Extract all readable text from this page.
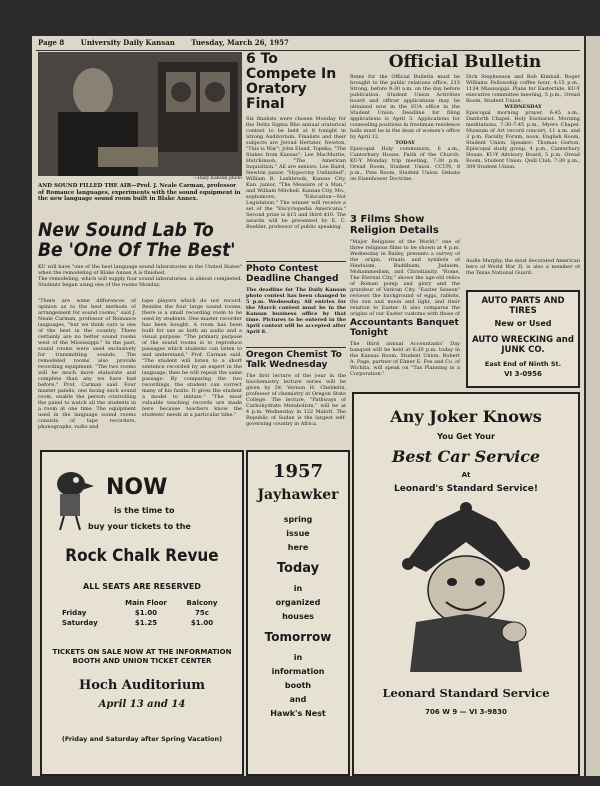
Page 8 University Daily Kansan Tuesday, March 26, 1957
—Daily Kansan photo
AND SOUND FILLED THE AIR—Prof. J. Neale Carman, professor of Romance languages, experiments with the sound equipment in the new language sound room built in Blake Annex.
New Sound Lab To Be 'One Of The Best'
KU will have "one of the best language sound laboratories in the United States" when the remodeling of Blake Annex A is finished.
The remodeling, which will supply four sound laboratories, is almost completed. Students began using one of the rooms Monday.
"There are some differences of opinion as to the best methods of arrangement for sound rooms," said J. Neale Carman, professor of Romance languages, "but we think ours is one of the best in the country. There certainly are no better sound rooms west of the Mississippi." In the past, sound rooms were used exclusively for transmitting sounds. The remodeled rooms also provide recording equipment. "The two rooms will be much more elaborate and complete than any we have had before," Prof. Carman said. Four master panels, one facing each sound room, enable the person controlling the panel to watch all the students in a room at one time. The equipment used in the language sound rooms consists of tape recorders, phonographs, radio and
tape players which do not record. Besides the four large sound rooms, there is a small recording room to be used by students. One master recorder has been bought. A room has been built for use as both an audio and a visual purpose. "The primary purpose of the sound rooms is to reproduce passages which students can listen to and understand," Prof. Carman said. "The student will listen to a short sentence recorded by an expert in the language; then he will repeat the same passage. By comparing the two recordings, the student can correct many of his faults. It gives the student a model to imitate." "The most valuable teaching records are made here because teachers know the students' needs at a particular time."
6 To Compete In Oratory Final
Six finalists were chosen Monday for the Delta Sigma Rho annual oratorical contest to be held at 8 tonight in Strong Auditorium. Finalists and their subjects are Jerrad Hertzler, Newton, "This is War"; John Eland, Topeka, "The Stakes from Kansas"; Lee MacMurtie, Hutchinson, "The American Inquisition." All are seniors. Lee Baird, Newton junior, "Hypocrisy Unlimited"; William B. Lashbrook, Kansas City, Kan. junior, "The Measure of a Man," and William Mitchell, Kansas City, Mo., sophomore, "Education—Not Legislation." The winner will receive a set of the "Encyclopedia Americana." Second prize is $15 and third $10. The awards will be presented by E. C. Buehler, professor of public speaking.
Photo Contest Deadline Changed
The deadline for The Daily Kansan photo contest has been changed to 5 p.m. Wednesday. All entries for the March contest must be in the Kansan business office by that time. Pictures to be entered in the April contest will be accepted after April 8.
Oregon Chemist To Talk Wednesday
The first lecture of the year in the biochemistry lecture series will be given by Dr. Vernon H. Cheldelin, professor of chemistry at Oregon State College. The lecture, "Pathways of Carbohydrate Metabolism," will be at 4 p.m. Wednesday in 122 Malott. The Republic of Sudan is the largest self-governing country in Africa.
Official Bulletin
Items for the Official Bulletin must be brought to the public relations office, 213 Strong, before 9:30 a.m. on the day before publication. Student Union Activities board and officer applications may be obtained now in the SUA office in the Student Union. Deadline for filing applications is April 3. Applications for counseling positions in freshman residence halls must be in the dean of women's office by April 12.
TODAY
Episcopal Holy communion, 6 a.m., Canterbury House. Faith of the Church. KU-Y Monday trip meeting, 7:30 p.m. Oread Room, Student Union. CCUN, 8 p.m., Pine Room, Student Union. Debate on Eisenhower Doctrine.
Dick Stephenson and Bob Kimball. Roger Williams Fellowship coffee hour, 4:15 p.m., 1134 Mississippi. Plans for Eastertide. KU-Y executive committee meeting, 5 p.m., Oread Room, Student Union.
WEDNESDAY
Episcopal morning prayer, 6:45 a.m., Danforth Chapel. Holy Eucharist. Morning meditations, 7:30-7:45 p.m., Myers Chapel. Museum of Art record concert, 11 a.m. and 3 p.m. Faculty Forum, noon, English Room, Student Union. Speaker: Thomas Gorton. Episcopal study group, 4 p.m., Canterbury House. KU-Y Advisory Board, 5 p.m. Oread Room, Student Union. Quill Club, 7:30 p.m., 309 Student Union.
3 Films Show Religion Details
"Major Religions of the World," one of three religious films to be shown at 4 p.m. Wednesday in Bailey, presents a survey of the origin, rituals and symbols of Hinduism, Buddhism, Judaism, Mohammedism, and Christianity. "Rome, The Eternal City," shows the age-old relics of Roman pomp and glory and the grandeur of Vatican City. "Easter Season" reviews the background of eggs, rabbits, the sun and moon and light, and their relation to Easter. It also compares the origins of our Easter customs with those of
Accountants Banquet Tonight
The third annual Accountants' Day banquet will be held at 6:30 p.m. today in the Kansas Room, Student Union. Robert A. Page, partner of Elmer E. Fox and Co. of Wichita, will speak on "Tax Planning in a Corporation."
Audie Murphy, the most decorated American hero of World War II, is also a member of the Texas National Guard.
AUTO PARTS AND TIRES
New or Used
AUTO WRECKING and JUNK CO.
East End of Ninth St.
VI 3-0956
NOW
is the time to
buy your tickets to the
Rock Chalk Revue
ALL SEATS ARE RESERVED
Main Floor	Balcony
Friday	$1.00	75c
Saturday	$1.25	$1.00
TICKETS ON SALE NOW AT THE INFORMATION BOOTH AND UNION TICKET CENTER
Hoch Auditorium
April 13 and 14
(Friday and Saturday after Spring Vacation)
1957
Jayhawker
spring
issue
here
Today
in
organized
houses
Tomorrow
in
information
booth
and
Hawk's Nest
Any Joker Knows
You Get Your
Best Car Service
At
Leonard's Standard Service!
Leonard Standard Service
706 W 9 — VI 3-9830
